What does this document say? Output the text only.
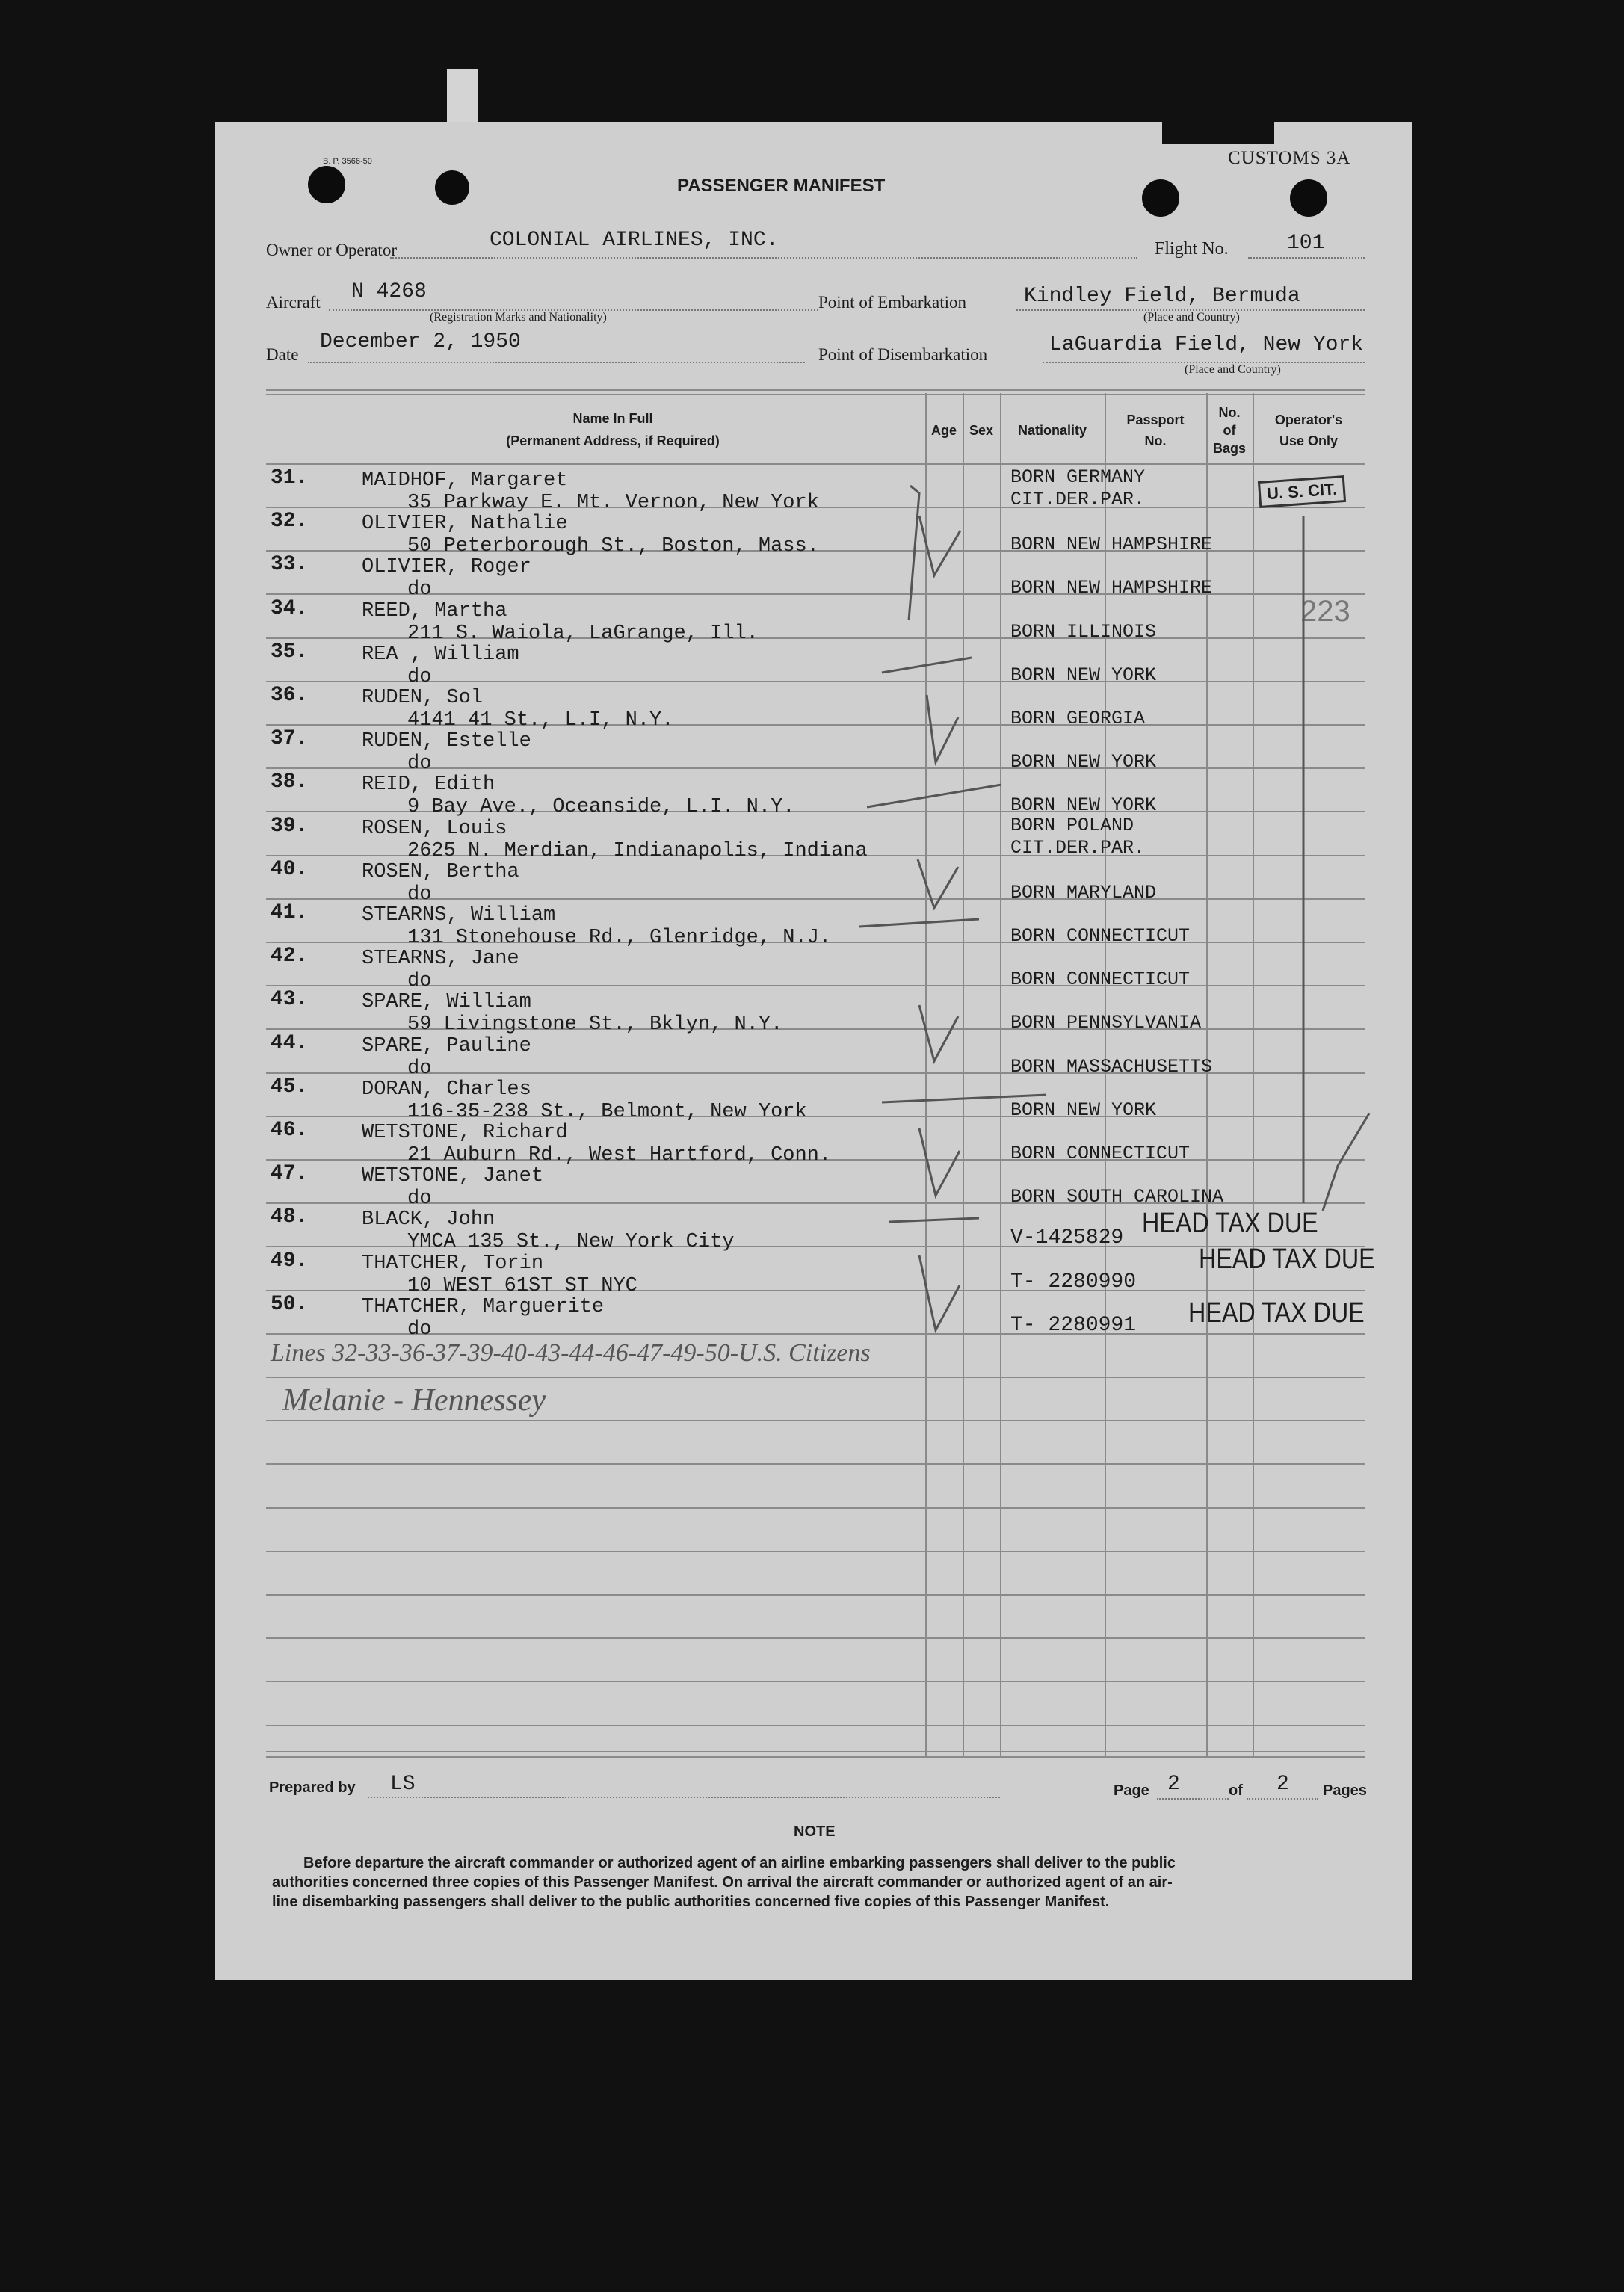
B. P. 3566-50	CUSTOMS 3A
PASSENGER MANIFEST
Owner or Operator	COLONIAL AIRLINES, INC.	Flight No.	101
Aircraft N 4268
(Registration Marks and Nationality)
Point of Embarkation	Kindley Field, Bermuda
(Place and Country)
Date
December 2, 1950
Point of Disembarkation	LaGuardia Field, New York
(Place and Country)
Name In Full
(Permanent Address, if Required)
Age Sex	Nationality
Passport
No.
No.
of
Bags
Operator's
Use Only
31.	MAIDHOF, Margaret
35 Parkway E. Mt. Vernon, New York
BORN GERMANY
CIT.DER.PAR.
32.	OLIVIER, Nathalie
50 Peterborough St., Boston, Mass.	BORN NEW HAMPSHIRE
33.	OLIVIER, Roger
do	BORN NEW HAMPSHIRE
34.	REED, Martha
211 S. Waiola, LaGrange, Ill.	BORN ILLINOIS
35.	REA , William
do	BORN NEW YORK
36.	RUDEN, Sol
4141 41 St., L.I, N.Y.	BORN GEORGIA
37.	RUDEN, Estelle
do	BORN NEW YORK
38.	REID, Edith
9 Bay Ave., Oceanside, L.I. N.Y.	BORN NEW YORK
39.	ROSEN, Louis
2625 N. Merdian, Indianapolis, Indiana
BORN POLAND
CIT.DER.PAR.
40.	ROSEN, Bertha
do	BORN MARYLAND
41.	STEARNS, William
131 Stonehouse Rd., Glenridge, N.J.	BORN CONNECTICUT
42.	STEARNS, Jane
do	BORN CONNECTICUT
43.	SPARE, William
59 Livingstone St., Bklyn, N.Y.	BORN PENNSYLVANIA
44.	SPARE, Pauline
do	BORN MASSACHUSETTS
45.	DORAN, Charles
116-35-238 St., Belmont, New York	BORN NEW YORK
46.	WETSTONE, Richard
21 Auburn Rd., West Hartford, Conn.	BORN CONNECTICUT
47.	WETSTONE, Janet
do	BORN SOUTH CAROLINA
48.	BLACK, John
YMCA 135 St., New York City	V-1425829
49.	THATCHER, Torin
10 WEST 61ST ST NYC	T- 2280990
50.	THATCHER, Marguerite
do	T- 2280991
U. S. CIT.
223
HEAD TAX DUE
HEAD TAX DUE
HEAD TAX DUE
Lines 32-33-36-37-39-40-43-44-46-47-49-50-U.S. Citizens
Melanie - Hennessey
Prepared by LS	Page 2	of 2 Pages
NOTE
Before departure the aircraft commander or authorized agent of an airline embarking passengers shall deliver to the public
authorities concerned three copies of this Passenger Manifest. On arrival the aircraft commander or authorized agent of an air-
line disembarking passengers shall deliver to the public authorities concerned five copies of this Passenger Manifest.
